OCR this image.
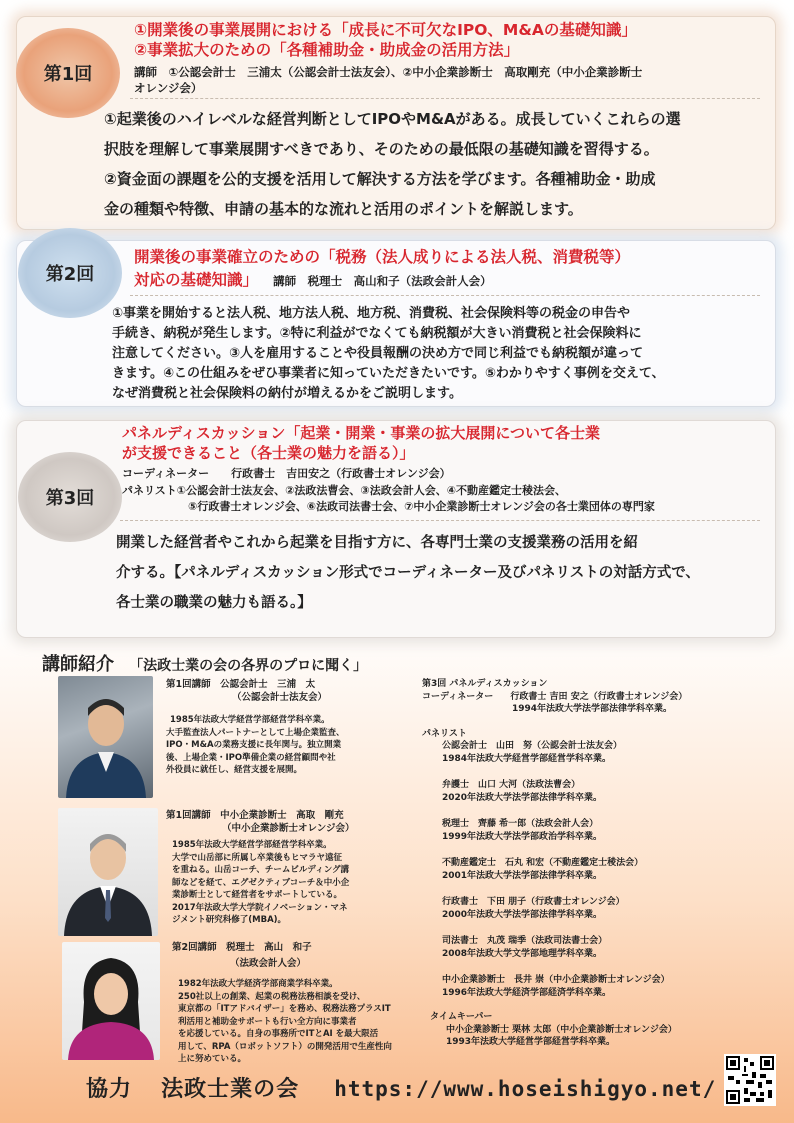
第1回
①開業後の事業展開における「成長に不可欠なIPO、M&Aの基礎知識」
②事業拡大のための「各種補助金・助成金の活用方法」
講師　①公認会計士　三浦太（公認会計士法友会）、②中小企業診断士　高取剛充（中小企業診断士
オレンジ会）
①起業後のハイレベルな経営判断としてIPOやM&Aがある。成長していくこれらの選
択肢を理解して事業展開すべきであり、そのための最低限の基礎知識を習得する。
②資金面の課題を公的支援を活用して解決する方法を学びます。各種補助金・助成
金の種類や特徴、申請の基本的な流れと活用のポイントを解説します。
第2回
開業後の事業確立のための「税務（法人成りによる法人税、消費税等）
対応の基礎知識」 講師　税理士　高山和子（法政会計人会）
①事業を開始すると法人税、地方法人税、地方税、消費税、社会保険料等の税金の申告や
手続き、納税が発生します。②特に利益がでなくても納税額が大きい消費税と社会保険料に
注意してください。③人を雇用することや役員報酬の決め方で同じ利益でも納税額が違って
きます。④この仕組みをぜひ事業者に知っていただきたいです。⑤わかりやすく事例を交えて、
なぜ消費税と社会保険料の納付が増えるかをご説明します。
第3回
パネルディスカッション「起業・開業・事業の拡大展開について各士業
が支援できること（各士業の魅力を語る）」
コーディネーター　　行政書士　吉田安之（行政書士オレンジ会）
パネリスト①公認会計士法友会、②法政法曹会、③法政会計人会、④不動産鑑定士稜法会、
⑤行政書士オレンジ会、⑥法政司法書士会、⑦中小企業診断士オレンジ会の各士業団体の専門家
開業した経営者やこれから起業を目指す方に、各専門士業の支援業務の活用を紹
介する。【パネルディスカッション形式でコーディネーター及びパネリストの対話方式で、
各士業の職業の魅力も語る。】
講師紹介 「法政士業の会の各界のプロに聞く」
第1回講師　公認会計士　三浦　太
（公認会計士法友会）
1985年法政大学経営学部経営学科卒業。
大手監査法人パートナーとして上場企業監査、
IPO・M&Aの業務支援に長年関与。独立開業
後、上場企業・IPO準備企業の経営顧問や社
外役員に就任し、経営支援を展開。
第1回講師　中小企業診断士　高取　剛充
（中小企業診断士オレンジ会）
1985年法政大学経営学部経営学科卒業。
大学で山岳部に所属し卒業後もヒマラヤ遠征
を重ねる。山岳コーチ、チームビルディング講
師などを経て、エグゼクティブコーチ＆中小企
業診断士として経営者をサポートしている。
2017年法政大学大学院イノベーション・マネ
ジメント研究科修了(MBA)。
第2回講師　税理士　高山　和子
（法政会計人会）
1982年法政大学経済学部商業学科卒業。
250社以上の創業、起業の税務法務相談を受け、
東京都の「ITアドバイザー」を務め、税務法務プラスIT
利活用と補助金サポートも行い全方向に事業者
を応援している。自身の事務所でITとAI を最大限活
用して、RPA（ロボットソフト）の開発活用で生産性向
上に努めている。
第3回 パネルディスカッション
コーディネーター 行政書士 吉田 安之（行政書士オレンジ会）
1994年法政大学法学部法律学科卒業。
パネリスト
公認会計士　山田　努（公認会計士法友会）
1984年法政大学経営学部経営学科卒業。
弁護士　山口 大河（法政法曹会）
2020年法政大学法学部法律学科卒業。
税理士　齊藤 希一郎（法政会計人会）
1999年法政大学法学部政治学科卒業。
不動産鑑定士　石丸 和宏（不動産鑑定士稜法会）
2001年法政大学法学部法律学科卒業。
行政書士　下田 朋子（行政書士オレンジ会）
2000年法政大学法学部法律学科卒業。
司法書士　丸茂 瑞季（法政司法書士会）
2008年法政大学文学部地理学科卒業。
中小企業診断士　長井 崇（中小企業診断士オレンジ会）
1996年法政大学経済学部経済学科卒業。
タイムキーパー
中小企業診断士 栗林 太郎（中小企業診断士オレンジ会）
1993年法政大学経営学部経営学科卒業。
協力 法政士業の会 https://www.hoseishigyo.net/
